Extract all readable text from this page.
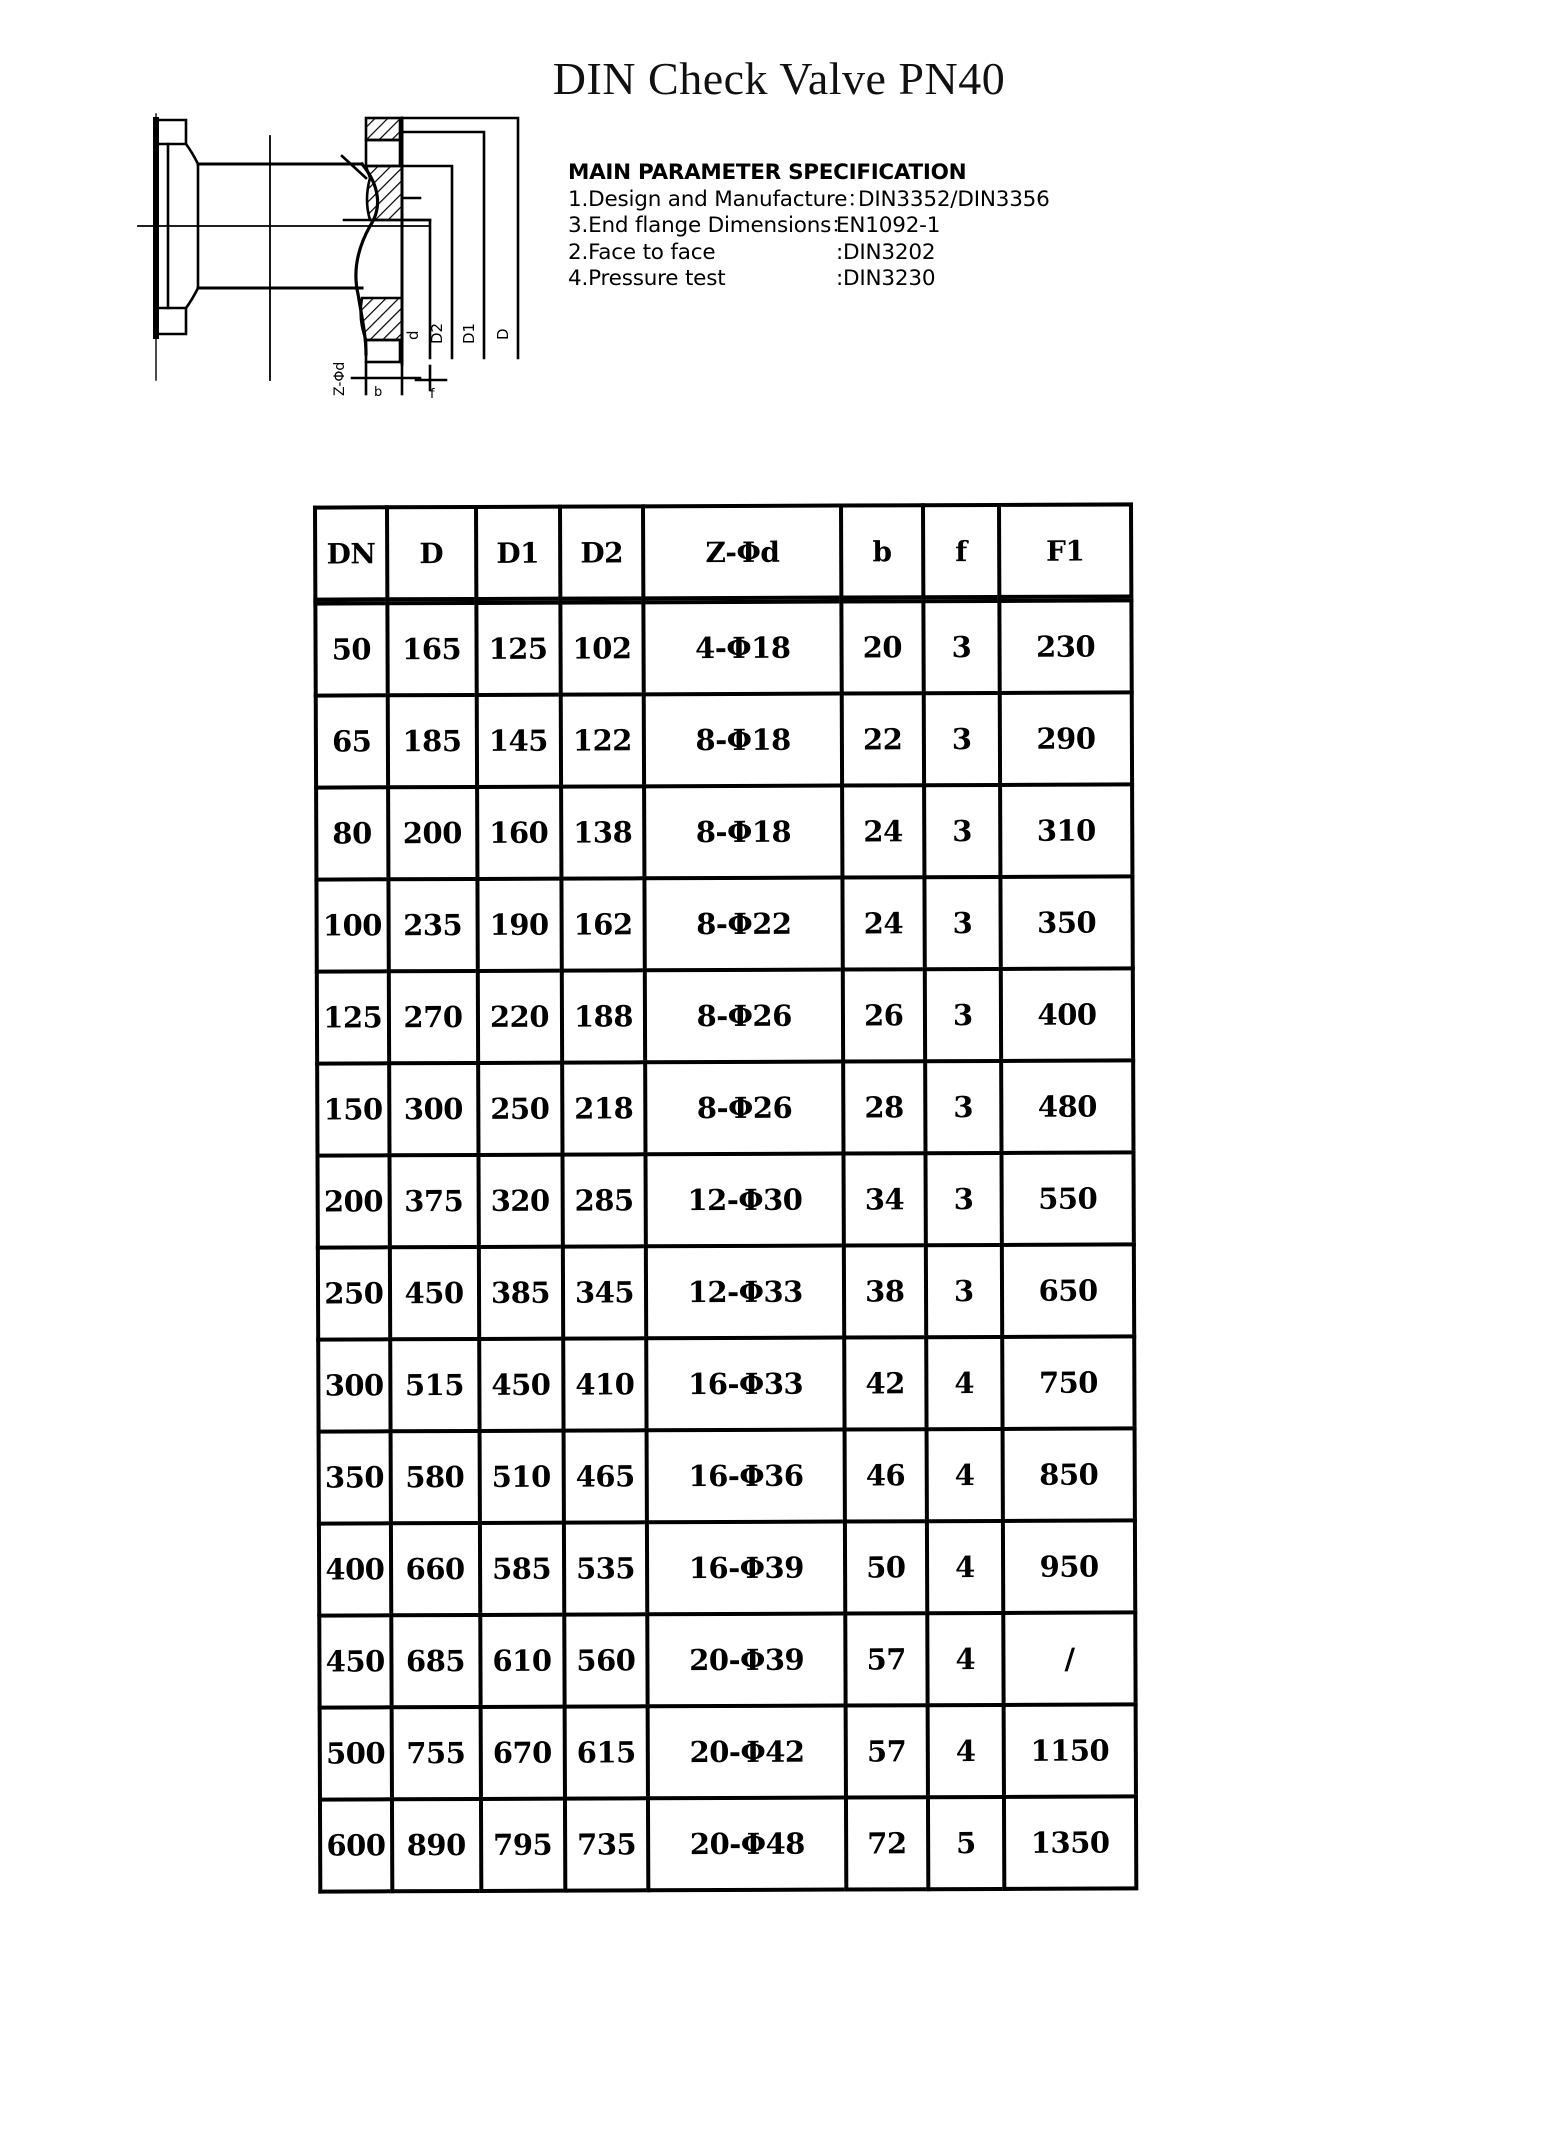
DIN Check Valve PN40
d D2 D1 D
Z-Φd b	f
MAIN PARAMETER SPECIFICATION
1.Design and Manufacture：
DIN3352/DIN3356
3.End flange Dimensions：
EN1092-1
2.Face to face	:DIN3202
4.Pressure test	:DIN3230
DN	D	D1	D2	Z-Φd	b	f	F1
50	165	125	102	4-Φ18	20	3	230
65	185	145	122	8-Φ18	22	3	290
80	200	160	138	8-Φ18	24	3	310
100	235	190	162	8-Φ22	24	3	350
125	270	220	188	8-Φ26	26	3	400
150	300	250	218	8-Φ26	28	3	480
200	375	320	285	12-Φ30	34	3	550
250	450	385	345	12-Φ33	38	3	650
300	515	450	410	16-Φ33	42	4	750
350	580	510	465	16-Φ36	46	4	850
400	660	585	535	16-Φ39	50	4	950
450	685	610	560	20-Φ39	57	4	/
500	755	670	615	20-Φ42	57	4	1150
600	890	795	735	20-Φ48	72	5	1350
